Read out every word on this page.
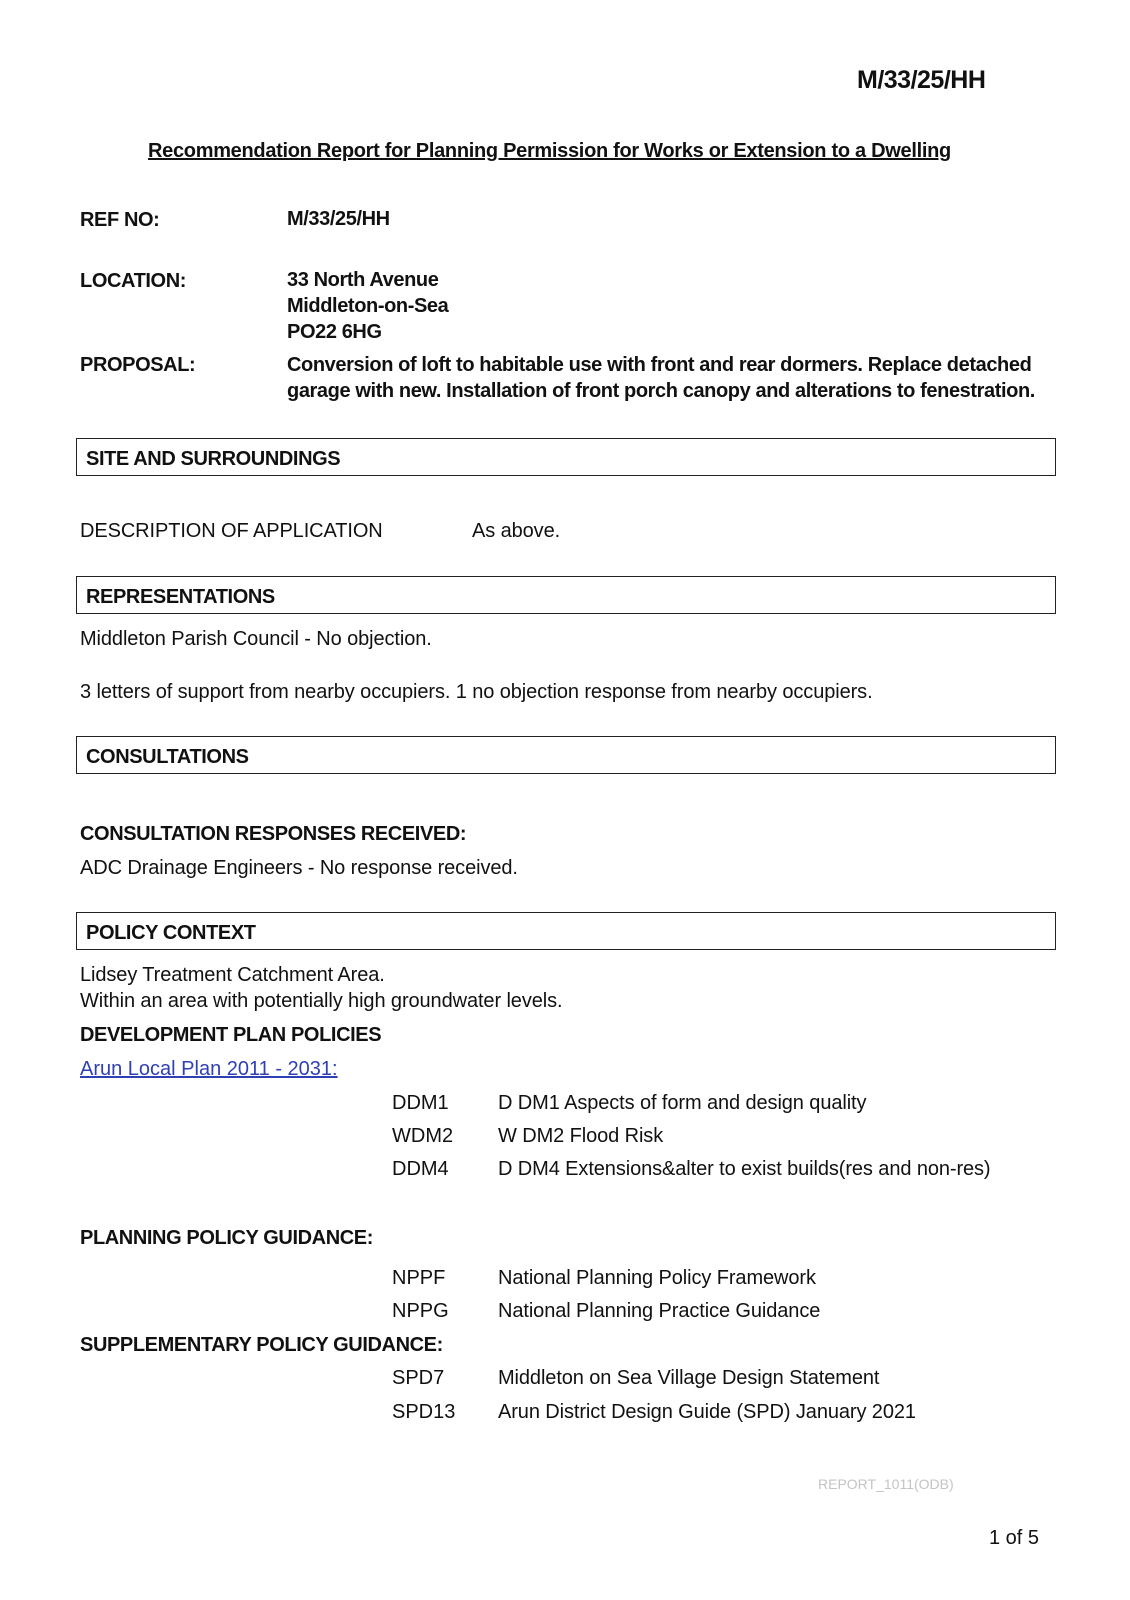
M/33/25/HH
Recommendation Report for Planning Permission for Works or Extension to a Dwelling
REF NO:	M/33/25/HH
LOCATION:	33 North Avenue
Middleton-on-Sea
PO22 6HG
PROPOSAL:	Conversion of loft to habitable use with front and rear dormers. Replace detached
garage with new. Installation of front porch canopy and alterations to fenestration.
SITE AND SURROUNDINGS
DESCRIPTION OF APPLICATION	As above.
REPRESENTATIONS
Middleton Parish Council - No objection.
3 letters of support from nearby occupiers. 1 no objection response from nearby occupiers.
CONSULTATIONS
CONSULTATION RESPONSES RECEIVED:
ADC Drainage Engineers - No response received.
POLICY CONTEXT
Lidsey Treatment Catchment Area.
Within an area with potentially high groundwater levels.
DEVELOPMENT PLAN POLICIES
Arun Local Plan 2011 - 2031:
DDM1 D DM1 Aspects of form and design quality
WDM2 W DM2 Flood Risk
DDM4 D DM4 Extensions&alter to exist builds(res and non-res)
PLANNING POLICY GUIDANCE:
NPPF	National Planning Policy Framework
NPPG National Planning Practice Guidance
SUPPLEMENTARY POLICY GUIDANCE:
SPD7	Middleton on Sea Village Design Statement
SPD13 Arun District Design Guide (SPD) January 2021
REPORT_1011(ODB)
1 of 5
